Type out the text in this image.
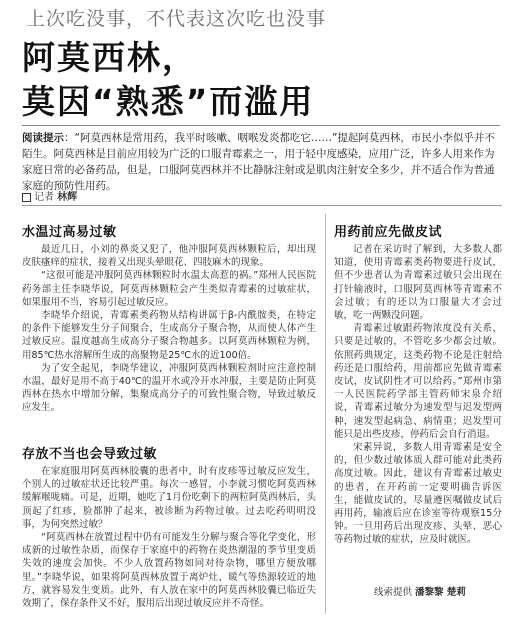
上次吃没事，不代表这次吃也没事
阿莫西林，
莫因“熟悉”而滥用
阅读提示：“阿莫西林是常用药，我平时咳嗽、咽喉发炎都吃它……”提起阿莫西林，市民小李似乎并不陌生。阿莫西林是目前应用较为广泛的口服青霉素之一，用于轻中度感染，应用广泛，许多人用来作为家庭日常的必备药品，但是，口服阿莫西林并不比静脉注射或是肌肉注射安全多少，并不适合作为普通家庭的预防性用药。
记者 林辉
水温过高易过敏

最近几日，小刘的鼻炎又犯了，他冲服阿莫西林颗粒后，却出现皮肤瘙痒的症状，接着又出现头晕眼花、四肢麻木的现象。

“这很可能是冲服阿莫西林颗粒时水温太高惹的祸。”郑州人民医院药务部主任李晓华说，阿莫西林颗粒会产生类似青霉素的过敏症状，如果服用不当，容易引起过敏反应。

李晓华介绍说，青霉素类药物从结构讲属于β-内酰胺类，在特定的条件下能够发生分子间聚合，生成高分子聚合物，从而使人体产生过敏反应。温度越高生成高分子聚合物越多。以阿莫西林颗粒为例，用85℃热水溶解所生成的高聚物是25℃水的近100倍。

为了安全起见，李晓华建议，冲服阿莫西林颗粒剂时应注意控制水温，最好是用不高于40℃的温开水或冷开水冲服，主要是防止阿莫西林在热水中增加分解，集聚成高分子的可致性聚合物，导致过敏反应发生。

存放不当也会导致过敏

在家庭服用阿莫西林胶囊的患者中，时有皮疹等过敏反应发生，个别人的过敏症状还比较严重。每次一感冒，小李就习惯吃阿莫西林缓解喉咙痛。可是，近期，她吃了1月份吃剩下的两粒阿莫西林后，头顶起了红疹，脸都肿了起来，被诊断为药物过敏。过去吃药明明没事，为何突然过敏？

“阿莫西林在放置过程中仍有可能发生分解与聚合等化学变化，形成新的过敏性杂质，而保存于家庭中的药物在炎热潮湿的季节里变质失效的速度会加快。不少人放置药物如同对待杂物，哪里方便放哪里。”李晓华说，如果将阿莫西林放置于离炉灶、暖气等热源较近的地方，就容易发生变质。此外，有人放在家中的阿莫西林胶囊已临近失效期了，保存条件又不好，服用后出现过敏反应并不奇怪。

用药前应先做皮试

记者在采访时了解到，大多数人都知道，使用青霉素类药物要进行皮试，但不少患者认为青霉素过敏只会出现在打针输液时，口服阿莫西林等青霉素不会过敏；有的还以为口服量大才会过敏，吃一两颗没问题。

青霉素过敏跟药物浓度没有关系，只要是过敏的，不管吃多少都会过敏。依照药典规定，这类药物不论是注射给药还是口服给药，用前都应先做青霉素皮试，皮试阴性才可以给药。”郑州市第一人民医院药学部主管药师宋泉介绍说，青霉素过敏分为速发型与迟发型两种，速发型起病急、病情重；迟发型可能只是出些皮疹，停药后会自行消退。

宋素异说，多数人用青霉素是安全的，但少数过敏体质人群可能对此类药高度过敏。因此，建议有青霉素过敏史的患者，在开药前一定要明确告诉医生，能做皮试的，尽量遵医嘱做皮试后再用药，输液后应在诊室等待观察15分钟。一旦用药后出现皮疹、头晕、恶心等药物过敏的症状，应及时就医。

线索提供 潘黎黎 楚莉
